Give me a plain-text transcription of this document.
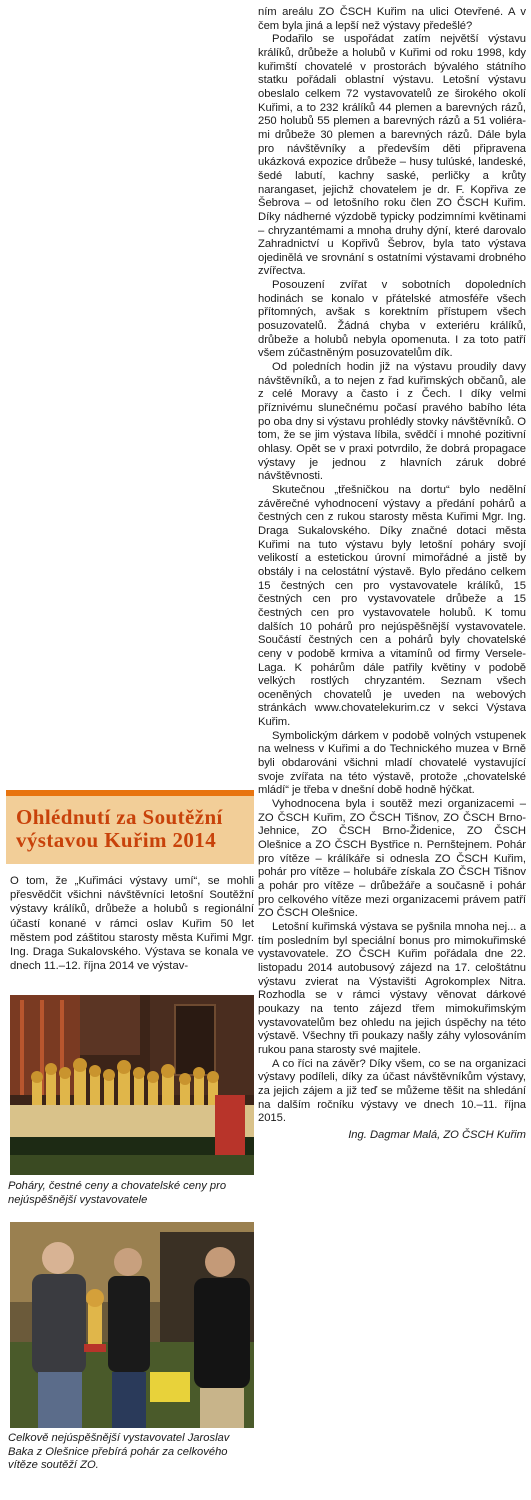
Ohlédnutí za Soutěžní
výstavou Kuřim 2014
O tom, že „Kuřimáci výstavy umí“, se mohli přesvědčit všichni návštěvníci letošní Soutěžní výstavy králíků, drůbeže a holubů s regionální účastí konané v rámci oslav Kuřim 50 let městem pod záštitou starosty města Kuřimi Mgr. Ing. Draga Sukalovského. Výstava se konala ve dnech 11.–12. října 2014 ve výstav-
Poháry, čestné ceny a chovatelské ceny pro nejúspěšnější vystavovatele
Celkově nejúspěšnější vystavovatel Jaroslav Baka z Olešnice přebírá pohár za celkového vítěze soutěží ZO.

ním areálu ZO ČSCH Kuřim na ulici Otevřené. A v čem byla jiná a lepší než výstavy předešlé?

Podařilo se uspořádat zatím největší výstavu králíků, drůbeže a holubů v Kuřimi od roku 1998, kdy kuřimští chovatelé v prostorách bývalého státního statku pořádali oblastní výstavu. Letošní výstavu obeslalo celkem 72 vystavovatelů ze širokého okolí Kuřimi, a to 232 králíků 44 plemen a barevných rázů, 250 holubů 55 plemen a barevných rázů a 51 voliéra-mi drůbeže 30 plemen a barevných rázů. Dále byla pro návštěvníky a především děti připravena ukázková expozice drůbeže – husy tulúské, landeské, šedé labutí, kachny saské, perličky a krůty narangaset, jejichž chovatelem je dr. F. Kopřiva ze Šebrova – od letošního roku člen ZO ČSCH Kuřim. Díky nádherné výzdobě typicky podzimními květinami – chryzantémami a mnoha druhy dýní, které darovalo Zahradnictví u Kopřivů Šebrov, byla tato výstava ojedinělá ve srovnání s ostatními výstavami drobného zvířectva.

Posouzení zvířat v sobotních dopoledních hodinách se konalo v přátelské atmosféře všech přítomných, avšak s korektním přístupem všech posuzovatelů. Žádná chyba v exteriéru králíků, drůbeže a holubů nebyla opomenuta. I za toto patří všem zúčastněným posuzovatelům dík.

Od poledních hodin již na výstavu proudily davy návštěvníků, a to nejen z řad kuřimských občanů, ale z celé Moravy a často i z Čech. I díky velmi příznivému slunečnému počasí pravého babího léta po oba dny si výstavu prohlédly stovky návštěvníků. O tom, že se jim výstava líbila, svědčí i mnohé pozitivní ohlasy. Opět se v praxi potvrdilo, že dobrá propagace výstavy je jednou z hlavních záruk dobré návštěvnosti.

Skutečnou „třešničkou na dortu“ bylo nedělní závěrečné vyhodnocení výstavy a předání pohárů a čestných cen z rukou starosty města Kuřimi Mgr. Ing. Draga Sukalovského. Díky značné dotaci města Kuřimi na tuto výstavu byly letošní poháry svojí velikostí a estetickou úrovní mimořádné a jistě by obstály i na celostátní výstavě. Bylo předáno celkem 15 čestných cen pro vystavovatele králíků, 15 čestných cen pro vystavovatele drůbeže a 15 čestných cen pro vystavovatele holubů. K tomu dalších 10 pohárů pro nejúspěšnější vystavovatele. Součástí čestných cen a pohárů byly chovatelské ceny v podobě krmiva a vitamínů od firmy Versele-Laga. K pohárům dále patřily květiny v podobě velkých rostlých chryzantém. Seznam všech oceněných chovatelů je uveden na webových stránkách www.chovatelekurim.cz v sekci Výstava Kuřim.

Symbolickým dárkem v podobě volných vstupenek na welness v Kuřimi a do Technického muzea v Brně byli obdarováni všichni mladí chovatelé vystavující svoje zvířata na této výstavě, protože „chovatelské mládí“ je třeba v dnešní době hodně hýčkat.

Vyhodnocena byla i soutěž mezi organizacemi – ZO ČSCH Kuřim, ZO ČSCH Tišnov, ZO ČSCH Brno-Jehnice, ZO ČSCH Brno-Židenice, ZO ČSCH Olešnice a ZO ČSCH Bystřice n. Pernštejnem. Pohár pro vítěze – králíkáře si odnesla ZO ČSCH Kuřim, pohár pro vítěze – holubáře získala ZO ČSCH Tišnov a pohár pro vítěze – drůbežáře a současně i pohár pro celkového vítěze mezi organizacemi právem patří ZO ČSCH Olešnice.

Letošní kuřimská výstava se pyšnila mnoha nej... a tím posledním byl speciální bonus pro mimokuřimské vystavovatele. ZO ČSCH Kuřim pořádala dne 22. listopadu 2014 autobusový zájezd na 17. celoštátnu výstavu zvierat na Výstavišti Agrokomplex Nitra. Rozhodla se v rámci výstavy věnovat dárkové poukazy na tento zájezd třem mimokuřimským vystavovatelům bez ohledu na jejich úspěchy na této výstavě. Všechny tři poukazy našly záhy vylosováním rukou pana starosty své majitele.

A co říci na závěr? Díky všem, co se na organizaci výstavy podíleli, díky za účast návštěvníkům výstavy, za jejich zájem a již teď se můžeme těšit na shledání na dalším ročníku výstavy ve dnech 10.–11. října 2015.

Ing. Dagmar Malá, ZO ČSCH Kuřim
